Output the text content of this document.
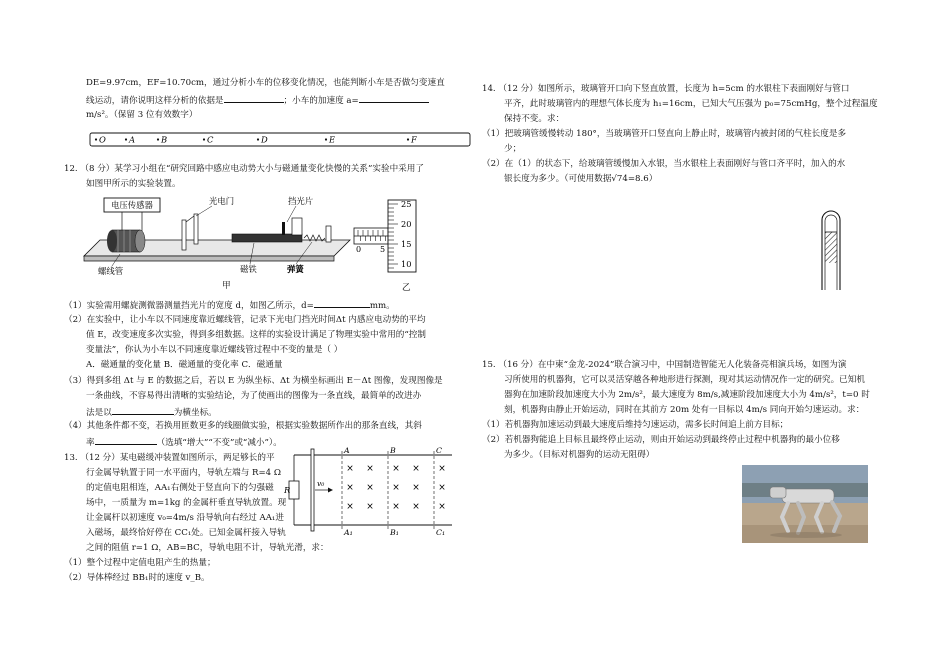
DE=9.97cm，EF=10.70cm，通过分析小车的位移变化情况，也能判断小车是否做匀变速直
线运动，请你说明这样分析的依据是	；小车的加速度 a=
m/s²。（保留 3 位有效数字）
O	A	B	C	D	E	F
12. （8 分）某学习小组在“研究回路中感应电动势大小与磁通量变化快慢的关系”实验中采用了
如图甲所示的实验装置。
电压传感器	光电门	挡光片
螺线管	磁铁	弹簧
甲
0 5
25
20
15
10
乙
（1）实验需用螺旋测微器测量挡光片的宽度 d，如图乙所示，d=	mm。
（2）在实验中，让小车以不同速度靠近螺线管，记录下光电门挡光时间Δt 内感应电动势的平均
值 E，改变速度多次实验，得到多组数据。这样的实验设计满足了物理实验中常用的“控制
变量法”，你认为小车以不同速度靠近螺线管过程中不变的量是（ ）
A．磁通量的变化量 B．磁通量的变化率 C．磁通量
（3）得到多组 Δt 与 E 的数据之后，若以 E 为纵坐标、Δt 为横坐标画出 E－Δt 图像，发现图像是
一条曲线，不容易得出清晰的实验结论，为了使画出的图像为一条直线，最简单的改进办
法是以	为横坐标。
（4）其他条件都不变，若换用匝数更多的线圈做实验，根据实验数据所作出的那条直线，其斜
率	（选填“增大”“不变”或“减小”）。
13. （12 分）某电磁缓冲装置如图所示，两足够长的平
行金属导轨置于同一水平面内，导轨左端与 R=4 Ω
的定值电阻相连，AA₁右侧处于竖直向下的匀强磁
场中，一质量为 m=1kg 的金属杆垂直导轨放置。现
让金属杆以初速度 v₀=4m/s 沿导轨向右经过 AA₁进
入磁场，最终恰好停在 CC₁处。已知金属杆接入导轨
之间的阻值 r=1 Ω，AB=BC，导轨电阻不计，导轨光滑，求：
（1）整个过程中定值电阻产生的热量；
（2）导体棒经过 BB₁时的速度 v_B。
R
v₀
A
A₁
B
B₁
C
C₁
× × × × ×
× × × × ×
× × × × ×
14. （12 分）如图所示，玻璃管开口向下竖直放置，长度为 h=5cm 的水银柱下表面刚好与管口
平齐，此时玻璃管内的理想气体长度为 h₁=16cm，已知大气压强为 p₀=75cmHg，整个过程温度
保持不变。求：
（1）把玻璃管缓慢转动 180°，当玻璃管开口竖直向上静止时，玻璃管内被封闭的气柱长度是多
少；
（2）在（1）的状态下，给玻璃管缓慢加入水银，当水银柱上表面刚好与管口齐平时，加入的水
银长度为多少。（可使用数据√74=8.6）
15. （16 分）在中柬“金龙-2024”联合演习中，中国制造智能无人化装备亮相演兵场，如图为演
习所使用的机器狗，它可以灵活穿越各种地形进行探测，现对其运动情况作一定的研究。已知机
器狗在加速阶段加速度大小为 2m/s²，最大速度为 8m/s,减速阶段加速度大小为 4m/s²，t=0 时
刻，机器狗由静止开始运动，同时在其前方 20m 处有一目标以 4m/s 同向开始匀速运动。求：
（1）若机器狗加速运动到最大速度后维持匀速运动，需多长时间追上前方目标；
（2）若机器狗能追上目标且最终停止运动，则由开始运动到最终停止过程中机器狗的最小位移
为多少。（目标对机器狗的运动无阻碍）
